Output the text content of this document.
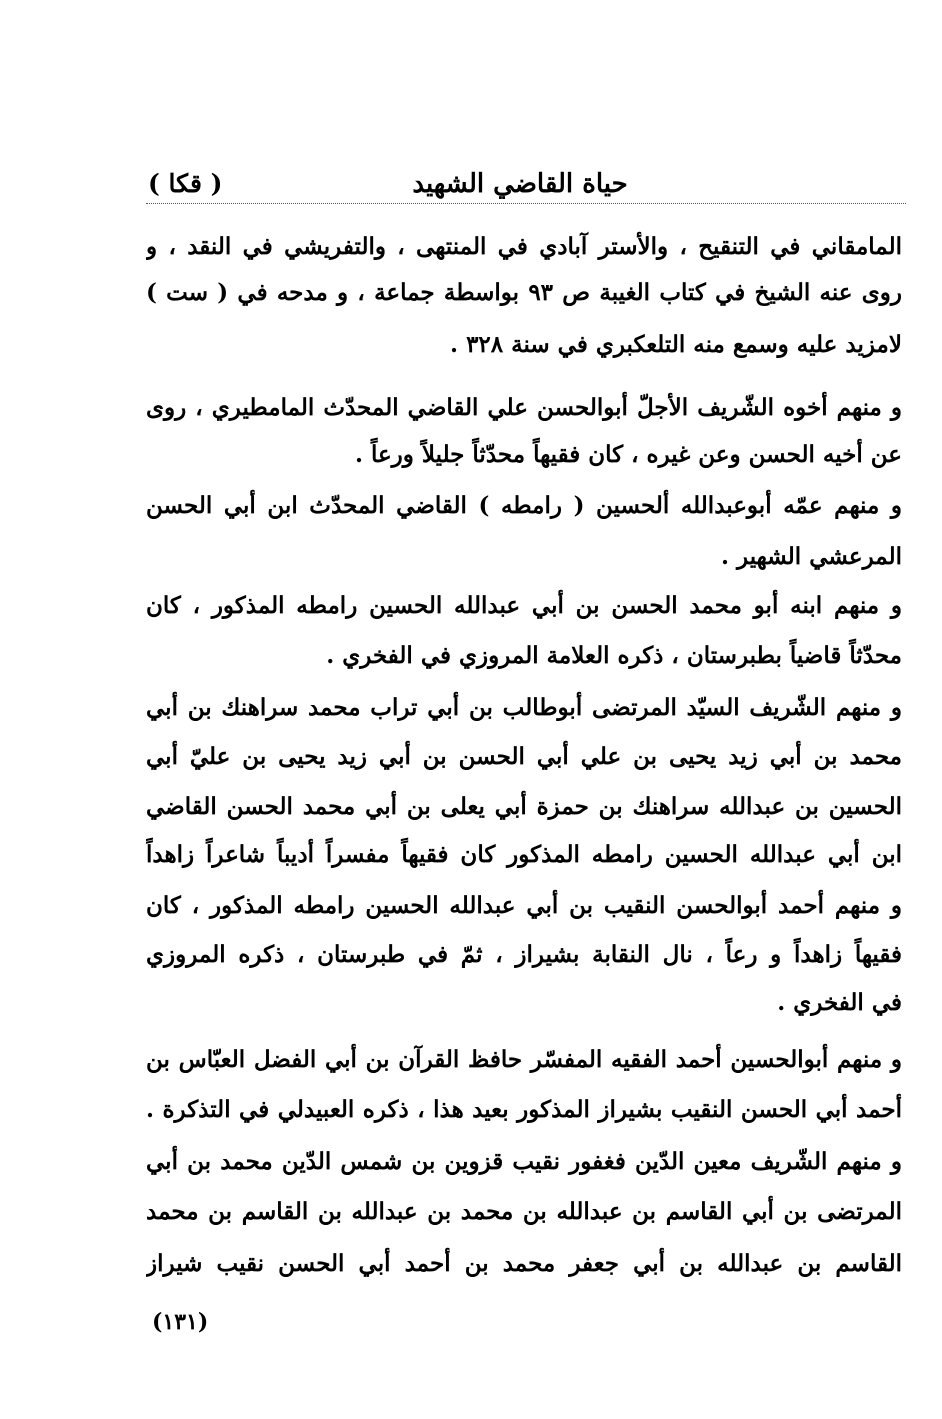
حياة القاضي الشهيد
( قكا )
المامقاني في التنقيح ، والأستر آبادي في المنتهى ، والتفريشي في النقد ، و
روى عنه الشيخ في كتاب الغيبة ص ٩٣ بواسطة جماعة ، و مدحه في ( ست )
لامزيد عليه وسمع منه التلعكبري في سنة ٣٢٨ .
و منهم أخوه الشّريف الأجلّ أبوالحسن علي القاضي المحدّث المامطيري ، روى
عن أخيه الحسن وعن غيره ، كان فقيهاً محدّثاً جليلاً ورعاً .
و منهم عمّه أبوعبدالله ألحسين ( رامطه ) القاضي المحدّث ابن أبي الحسن
المرعشي الشهير .
و منهم ابنه أبو محمد الحسن بن أبي عبدالله الحسين رامطه المذكور ، كان
محدّثاً قاضياً بطبرستان ، ذكره العلامة المروزي في الفخري .
و منهم الشّريف السيّد المرتضى أبوطالب بن أبي تراب محمد سراهنك بن أبي
محمد بن أبي زيد يحيى بن علي أبي الحسن بن أبي زيد يحيى بن عليّ أبي
الحسين بن عبدالله سراهنك بن حمزة أبي يعلى بن أبي محمد الحسن القاضي
ابن أبي عبدالله الحسين رامطه المذكور كان فقيهاً مفسراً أديباً شاعراً زاهداً
و منهم أحمد أبوالحسن النقيب بن أبي عبدالله الحسين رامطه المذكور ، كان
فقيهاً زاهداً و رعاً ، نال النقابة بشيراز ، ثمّ في طبرستان ، ذكره المروزي
في الفخري .
و منهم أبوالحسين أحمد الفقيه المفسّر حافظ القرآن بن أبي الفضل العبّاس بن
أحمد أبي الحسن النقيب بشيراز المذكور بعيد هذا ، ذكره العبيدلي في التذكرة .
و منهم الشّريف معين الدّين فغفور نقيب قزوين بن شمس الدّين محمد بن أبي
المرتضى بن أبي القاسم بن عبدالله بن محمد بن عبدالله بن القاسم بن محمد
القاسم بن عبدالله بن أبي جعفر محمد بن أحمد أبي الحسن نقيب شيراز
(١٣١)
